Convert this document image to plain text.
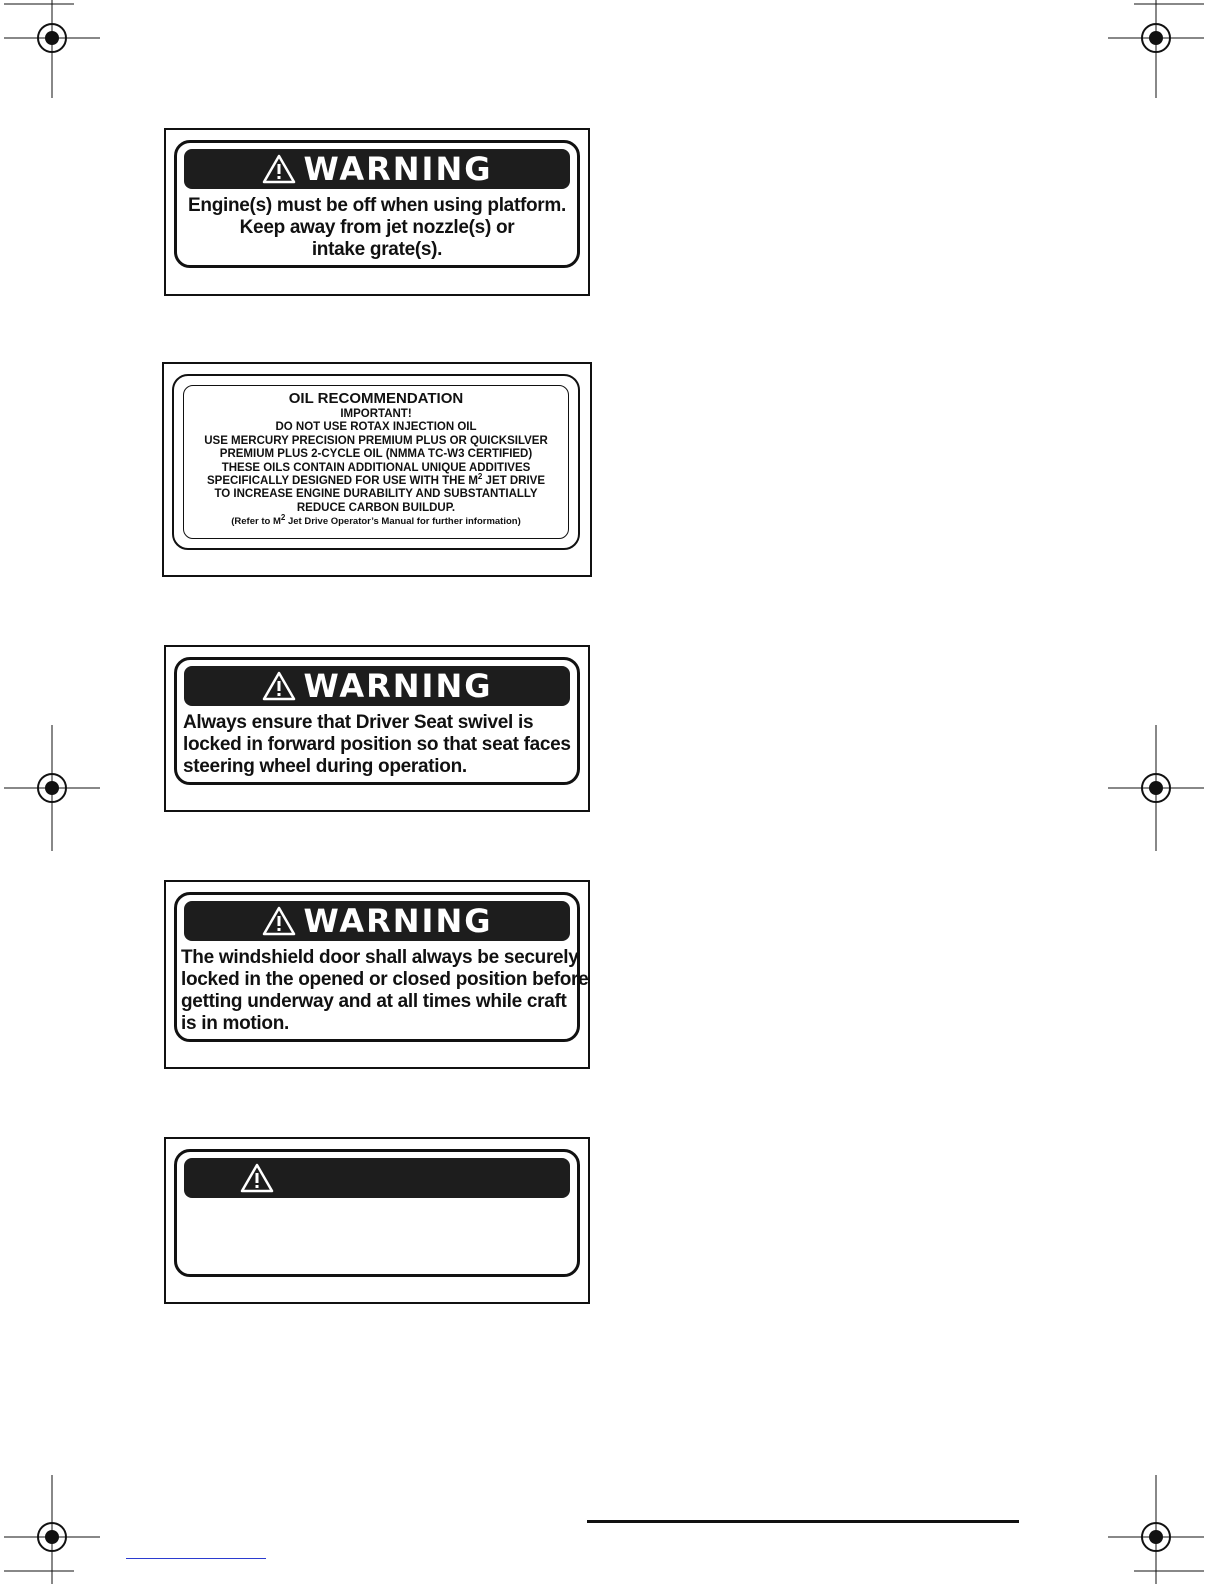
WARNING
Engine(s) must be off when using platform.
Keep away from jet nozzle(s) or
intake grate(s).
OIL RECOMMENDATION
IMPORTANT!
DO NOT USE ROTAX INJECTION OIL
USE MERCURY PRECISION PREMIUM PLUS OR QUICKSILVER
PREMIUM PLUS 2-CYCLE OIL (NMMA TC-W3 CERTIFIED)
THESE OILS CONTAIN ADDITIONAL UNIQUE ADDITIVES
SPECIFICALLY DESIGNED FOR USE WITH THE $M^2$ JET DRIVE
TO INCREASE ENGINE DURABILITY AND SUBSTANTIALLY
REDUCE CARBON BUILDUP.
(Refer to $M^2$ Jet Drive Operator’s Manual for further information)
WARNING
Always ensure that Driver Seat swivel is
locked in forward position so that seat faces
steering wheel during operation.
WARNING
The windshield door shall always be securely
locked in the opened or closed position before
getting underway and at all times while craft
is in motion.
